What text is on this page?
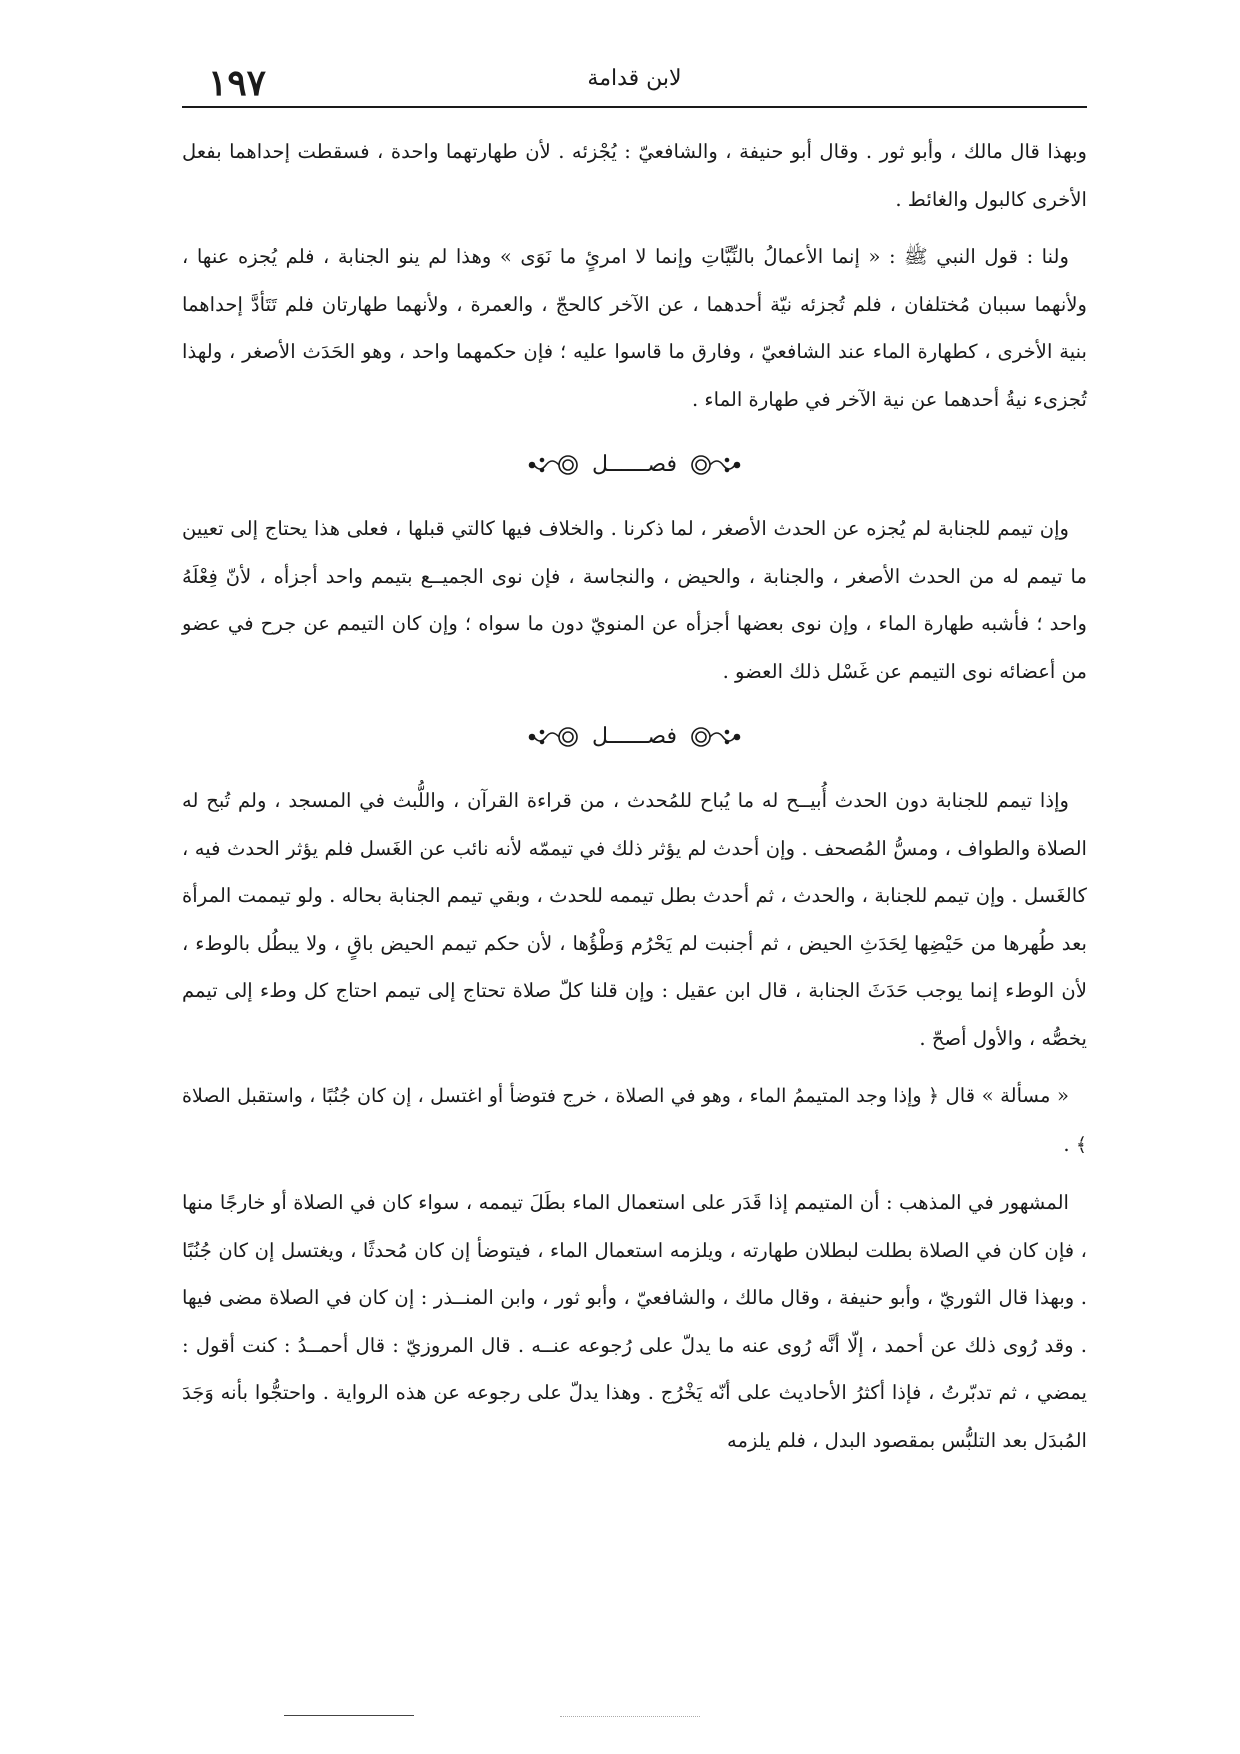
١٩٧	لابن قدامة

وبهذا قال مالك ، وأبو ثور . وقال أبو حنيفة ، والشافعيّ : يُجْزئه . لأن طهارتهما واحدة ، فسقطت إحداهما بفعل الأخرى كالبول والغائط .

ولنا : قول النبي ﷺ : « إنما الأعمالُ بالنِّيَّاتِ وإنما لا امرئٍ ما نَوَى » وهذا لم ينو الجنابة ، فلم يُجزه عنها ، ولأنهما سببان مُختلفان ، فلم تُجزئه نيّة أحدهما ، عن الآخر كالحجّ ، والعمرة ، ولأنهما طهارتان فلم تَتَأدَّ إحداهما بنية الأخرى ، كطهارة الماء عند الشافعيّ ، وفارق ما قاسوا عليه ؛ فإن حكمهما واحد ، وهو الحَدَث الأصغر ، ولهذا تُجزىء نيةُ أحدهما عن نية الآخر في طهارة الماء .

فصــــــل

وإن تيمم للجنابة لم يُجزه عن الحدث الأصغر ، لما ذكرنا . والخلاف فيها كالتي قبلها ، فعلى هذا يحتاج إلى تعيين ما تيمم له من الحدث الأصغر ، والجنابة ، والحيض ، والنجاسة ، فإن نوى الجميــع بتيمم واحد أجزأه ، لأنّ فِعْلَهُ واحد ؛ فأشبه طهارة الماء ، وإن نوى بعضها أجزأه عن المنويّ دون ما سواه ؛ وإن كان التيمم عن جرح في عضو من أعضائه نوى التيمم عن غَسْل ذلك العضو .

فصــــــل

وإذا تيمم للجنابة دون الحدث أُبيــح له ما يُباح للمُحدث ، من قراءة القرآن ، واللُّبث في المسجد ، ولم تُبح له الصلاة والطواف ، ومسُّ المُصحف . وإن أحدث لم يؤثر ذلك في تيممّه لأنه نائب عن الغَسل فلم يؤثر الحدث فيه ، كالغَسل . وإن تيمم للجنابة ، والحدث ، ثم أحدث بطل تيممه للحدث ، وبقي تيمم الجنابة بحاله . ولو تيممت المرأة بعد طُهرها من حَيْضِها لِحَدَثِ الحيض ، ثم أجنبت لم يَحْرُم وَطْؤُها ، لأن حكم تيمم الحيض باقٍ ، ولا يبطُل بالوطء ، لأن الوطء إنما يوجب حَدَثَ الجنابة ، قال ابن عقيل : وإن قلنا كلّ صلاة تحتاج إلى تيمم احتاج كل وطء إلى تيمم يخصُّه ، والأول أصحّ .

« مسألة » قال ﴿ وإذا وجد المتيممُ الماء ، وهو في الصلاة ، خرج فتوضأ أو اغتسل ، إن كان جُنُبًا ، واستقبل الصلاة ﴾ .

المشهور في المذهب : أن المتيمم إذا قَدَر على استعمال الماء بطَلَ تيممه ، سواء كان في الصلاة أو خارجًا منها ، فإن كان في الصلاة بطلت لبطلان طهارته ، ويلزمه استعمال الماء ، فيتوضأ إن كان مُحدثًا ، ويغتسل إن كان جُنُبًا . وبهذا قال الثوريّ ، وأبو حنيفة ، وقال مالك ، والشافعيّ ، وأبو ثور ، وابن المنــذر : إن كان في الصلاة مضى فيها . وقد رُوى ذلك عن أحمد ، إلّا أنَّه رُوى عنه ما يدلّ على رُجوعه عنــه . قال المروزيّ : قال أحمــدُ : كنت أقول : يمضي ، ثم تدبّرتُ ، فإذا أكثرُ الأحاديث على أنّه يَخْرُج . وهذا يدلّ على رجوعه عن هذه الرواية . واحتجُّوا بأنه وَجَدَ المُبدَل بعد التلبُّس بمقصود البدل ، فلم يلزمه
